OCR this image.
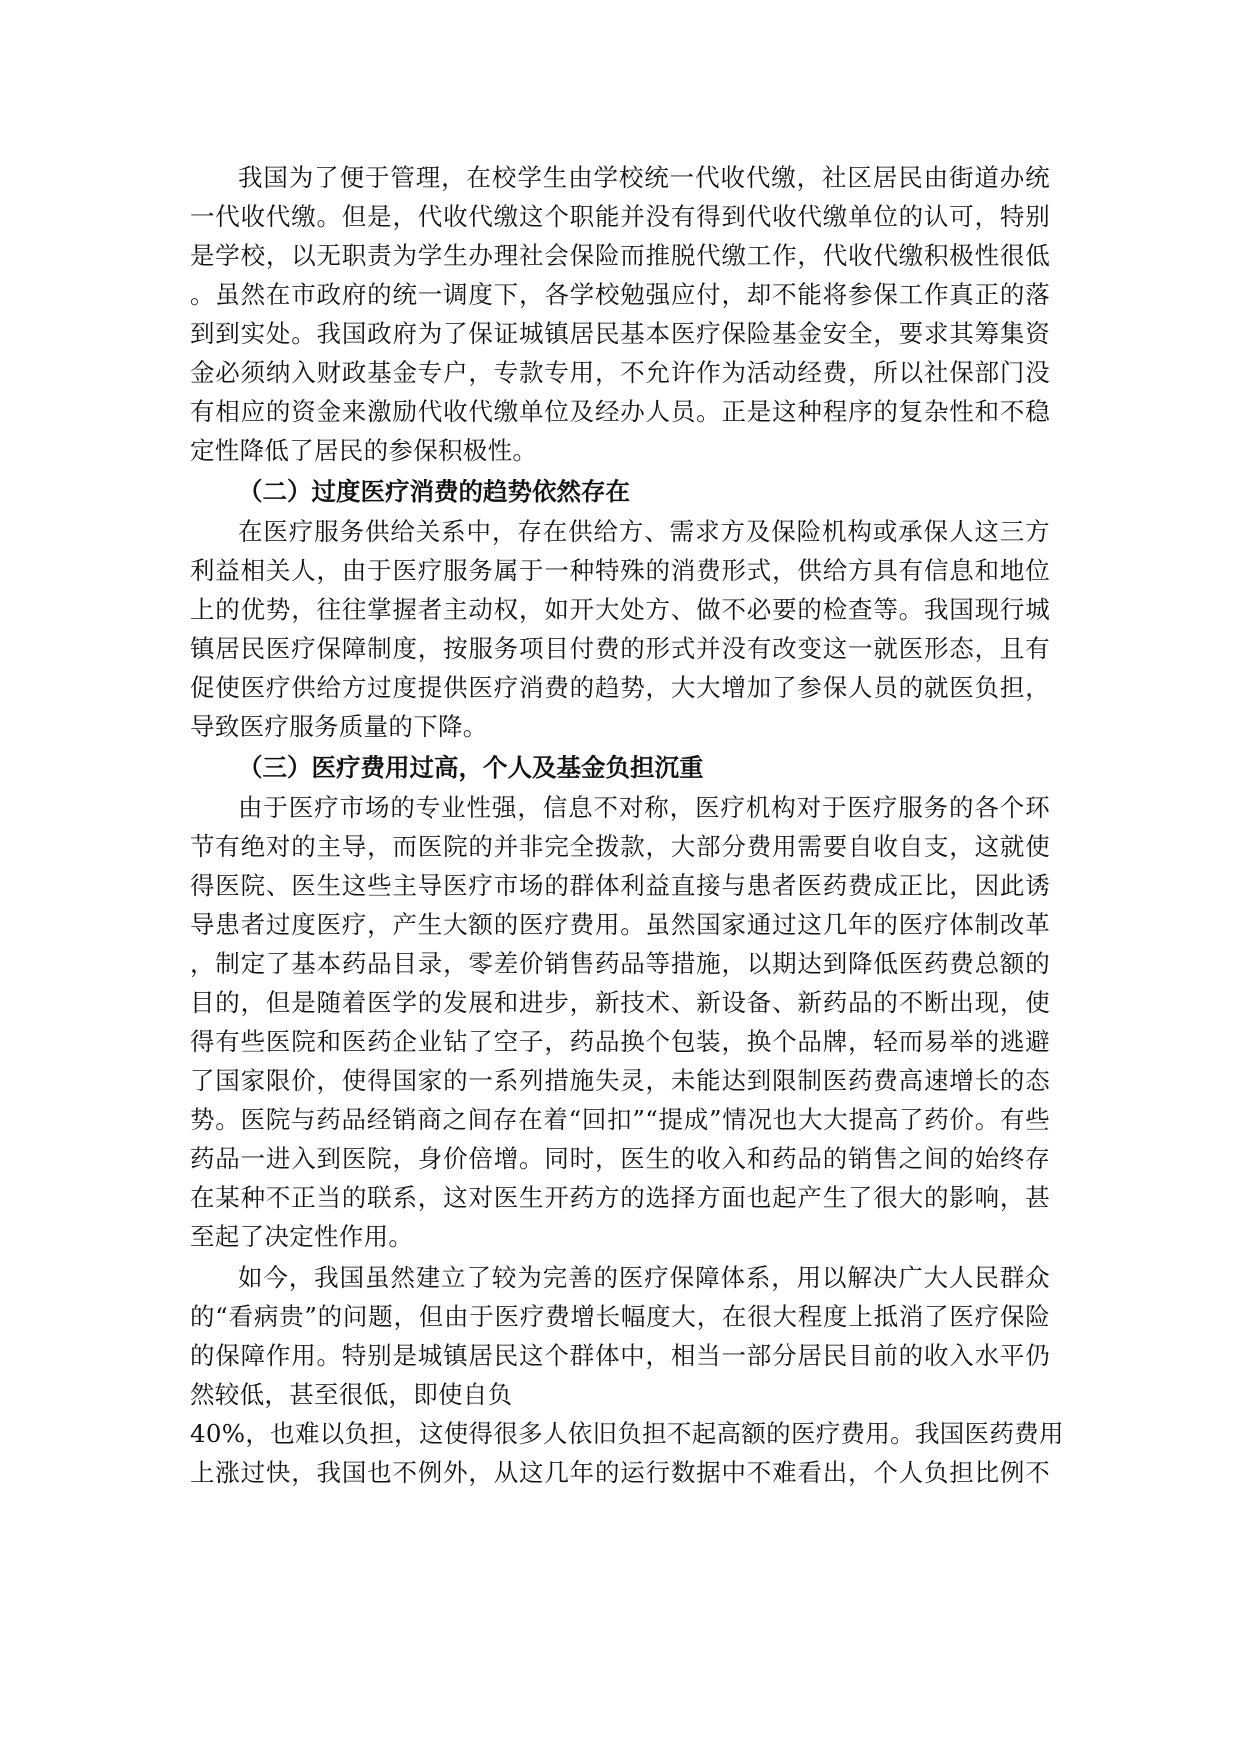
我国为了便于管理，在校学生由学校统一代收代缴，社区居民由街道办统
一代收代缴。但是，代收代缴这个职能并没有得到代收代缴单位的认可，特别
是学校，以无职责为学生办理社会保险而推脱代缴工作，代收代缴积极性很低
。虽然在市政府的统一调度下，各学校勉强应付，却不能将参保工作真正的落
到到实处。我国政府为了保证城镇居民基本医疗保险基金安全，要求其筹集资
金必须纳入财政基金专户，专款专用，不允许作为活动经费，所以社保部门没
有相应的资金来激励代收代缴单位及经办人员。正是这种程序的复杂性和不稳
定性降低了居民的参保积极性。
（二）过度医疗消费的趋势依然存在
在医疗服务供给关系中，存在供给方、需求方及保险机构或承保人这三方
利益相关人，由于医疗服务属于一种特殊的消费形式，供给方具有信息和地位
上的优势，往往掌握者主动权，如开大处方、做不必要的检查等。我国现行城
镇居民医疗保障制度，按服务项目付费的形式并没有改变这一就医形态，且有
促使医疗供给方过度提供医疗消费的趋势，大大增加了参保人员的就医负担，
导致医疗服务质量的下降。
（三）医疗费用过高，个人及基金负担沉重
由于医疗市场的专业性强，信息不对称，医疗机构对于医疗服务的各个环
节有绝对的主导，而医院的并非完全拨款，大部分费用需要自收自支，这就使
得医院、医生这些主导医疗市场的群体利益直接与患者医药费成正比，因此诱
导患者过度医疗，产生大额的医疗费用。虽然国家通过这几年的医疗体制改革
，制定了基本药品目录，零差价销售药品等措施，以期达到降低医药费总额的
目的，但是随着医学的发展和进步，新技术、新设备、新药品的不断出现，使
得有些医院和医药企业钻了空子，药品换个包装，换个品牌，轻而易举的逃避
了国家限价，使得国家的一系列措施失灵，未能达到限制医药费高速增长的态
势。医院与药品经销商之间存在着“回扣”“提成”情况也大大提高了药价。有些
药品一进入到医院，身价倍增。同时，医生的收入和药品的销售之间的始终存
在某种不正当的联系，这对医生开药方的选择方面也起产生了很大的影响，甚
至起了决定性作用。
如今，我国虽然建立了较为完善的医疗保障体系，用以解决广大人民群众
的“看病贵”的问题，但由于医疗费增长幅度大，在很大程度上抵消了医疗保险
的保障作用。特别是城镇居民这个群体中，相当一部分居民目前的收入水平仍
然较低，甚至很低，即使自负
40%，也难以负担，这使得很多人依旧负担不起高额的医疗费用。我国医药费用
上涨过快，我国也不例外，从这几年的运行数据中不难看出，个人负担比例不
